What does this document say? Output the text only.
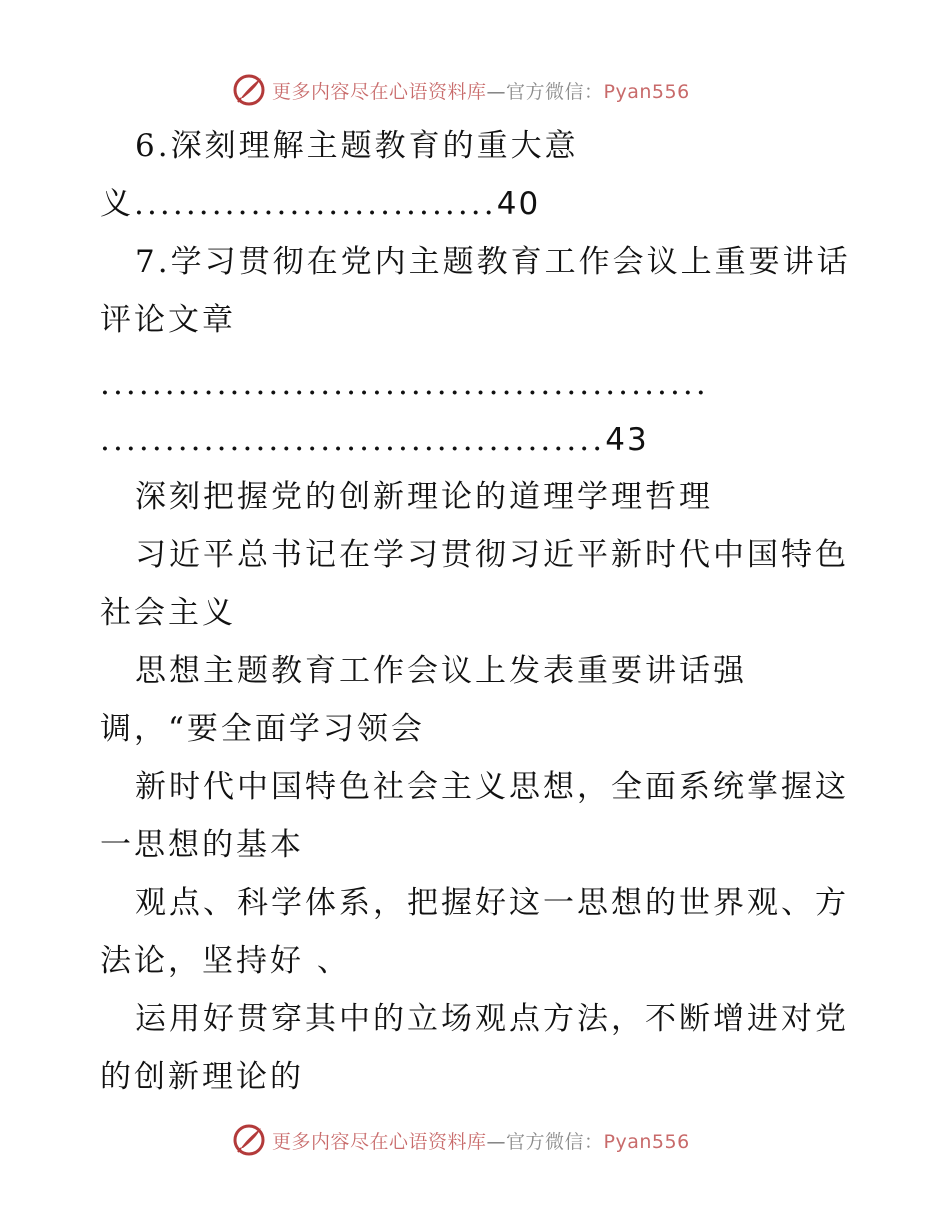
更多内容尽在心语资料库—官方微信：Pyan556
6.深刻理解主题教育的重大意
义............................40
7.学习贯彻在党内主题教育工作会议上重要讲话
评论文章
...............................................
.......................................43
深刻把握党的创新理论的道理学理哲理
习近平总书记在学习贯彻习近平新时代中国特色
社会主义
思想主题教育工作会议上发表重要讲话强
调，“要全面学习领会
新时代中国特色社会主义思想，全面系统掌握这
一思想的基本
观点、科学体系，把握好这一思想的世界观、方
法论，坚持好 、
运用好贯穿其中的立场观点方法，不断增进对党
的创新理论的
更多内容尽在心语资料库—官方微信：Pyan556
